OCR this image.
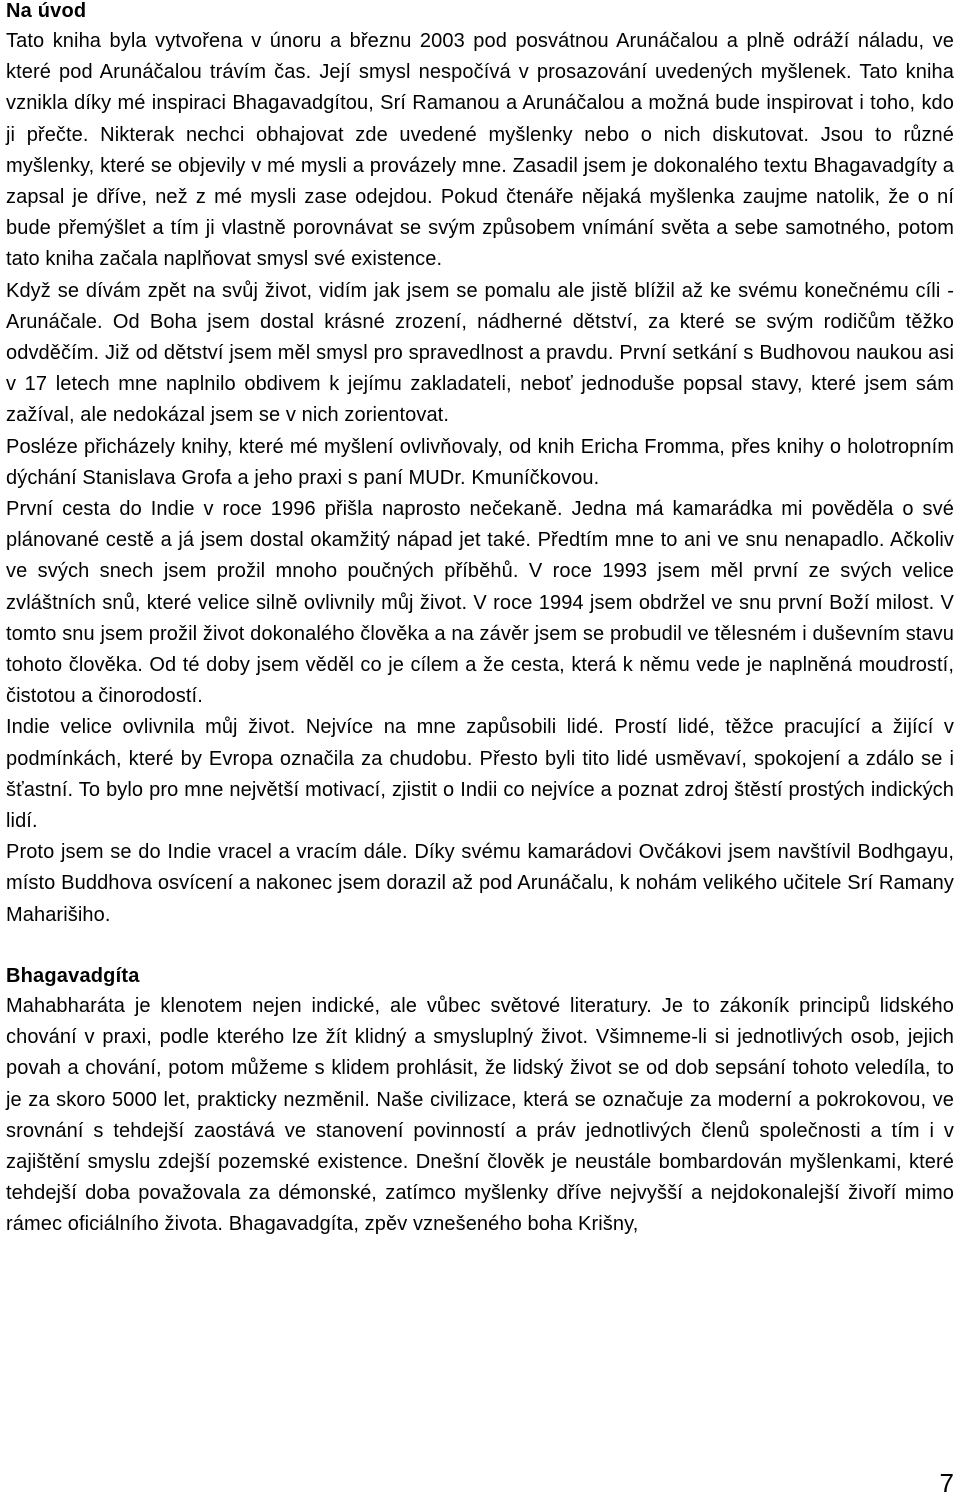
Na úvod

Tato kniha byla vytvořena v únoru a březnu 2003 pod posvátnou Arunáčalou a plně odráží náladu, ve které pod Arunáčalou trávím čas. Její smysl nespočívá v prosazování uvedených myšlenek. Tato kniha vznikla díky mé inspiraci Bhagavadgítou, Srí Ramanou a Arunáčalou a možná bude inspirovat i toho, kdo ji přečte. Nikterak nechci obhajovat zde uvedené myšlenky nebo o nich diskutovat. Jsou to různé myšlenky, které se objevily v mé mysli a provázely mne. Zasadil jsem je dokonalého textu Bhagavadgíty a zapsal je dříve, než z mé mysli zase odejdou. Pokud čtenáře nějaká myšlenka zaujme natolik, že o ní bude přemýšlet a tím ji vlastně porovnávat se svým způsobem vnímání světa a sebe samotného, potom tato kniha začala naplňovat smysl své existence.

Když se dívám zpět na svůj život, vidím jak jsem se pomalu ale jistě blížil až ke svému konečnému cíli - Arunáčale. Od Boha jsem dostal krásné zrození, nádherné dětství, za které se svým rodičům těžko odvděčím. Již od dětství jsem měl smysl pro spravedlnost a pravdu. První setkání s Budhovou naukou asi v 17 letech mne naplnilo obdivem k jejímu zakladateli, neboť jednoduše popsal stavy, které jsem sám zažíval, ale nedokázal jsem se v nich zorientovat.

Posléze přicházely knihy, které mé myšlení ovlivňovaly, od knih Ericha Fromma, přes knihy o holotropním dýchání Stanislava Grofa a jeho praxi s paní MUDr. Kmuníčkovou.

První cesta do Indie v roce 1996 přišla naprosto nečekaně. Jedna má kamarádka mi pověděla o své plánované cestě a já jsem dostal okamžitý nápad jet také. Předtím mne to ani ve snu nenapadlo. Ačkoliv ve svých snech jsem prožil mnoho poučných příběhů. V roce 1993 jsem měl první ze svých velice zvláštních snů, které velice silně ovlivnily můj život. V roce 1994 jsem obdržel ve snu první Boží milost. V tomto snu jsem prožil život dokonalého člověka a na závěr jsem se probudil ve tělesném i duševním stavu tohoto člověka. Od té doby jsem věděl co je cílem a že cesta, která k němu vede je naplněná moudrostí, čistotou a činorodostí.

Indie velice ovlivnila můj život. Nejvíce na mne zapůsobili lidé. Prostí lidé, těžce pracující a žijící v podmínkách, které by Evropa označila za chudobu. Přesto byli tito lidé usměvaví, spokojení a zdálo se i šťastní. To bylo pro mne největší motivací, zjistit o Indii co nejvíce a poznat zdroj štěstí prostých indických lidí.

Proto jsem se do Indie vracel a vracím dále. Díky svému kamarádovi Ovčákovi jsem navštívil Bodhgayu, místo Buddhova osvícení a nakonec jsem dorazil až pod Arunáčalu, k nohám velikého učitele Srí Ramany Maharišiho.

Bhagavadgíta

Mahabharáta je klenotem nejen indické, ale vůbec světové literatury. Je to zákoník principů lidského chování v praxi, podle kterého lze žít klidný a smysluplný život. Všimneme-li si jednotlivých osob, jejich povah a chování, potom můžeme s klidem prohlásit, že lidský život se od dob sepsání tohoto veledíla, to je za skoro 5000 let, prakticky nezměnil. Naše civilizace, která se označuje za moderní a pokrokovou, ve srovnání s tehdejší zaostává ve stanovení povinností a práv jednotlivých členů společnosti a tím i v zajištění smyslu zdejší pozemské existence. Dnešní člověk je neustále bombardován myšlenkami, které tehdejší doba považovala za démonské, zatímco myšlenky dříve nejvyšší a nejdokonalejší živoří mimo rámec oficiálního života. Bhagavadgíta, zpěv vznešeného boha Krišny,

7
